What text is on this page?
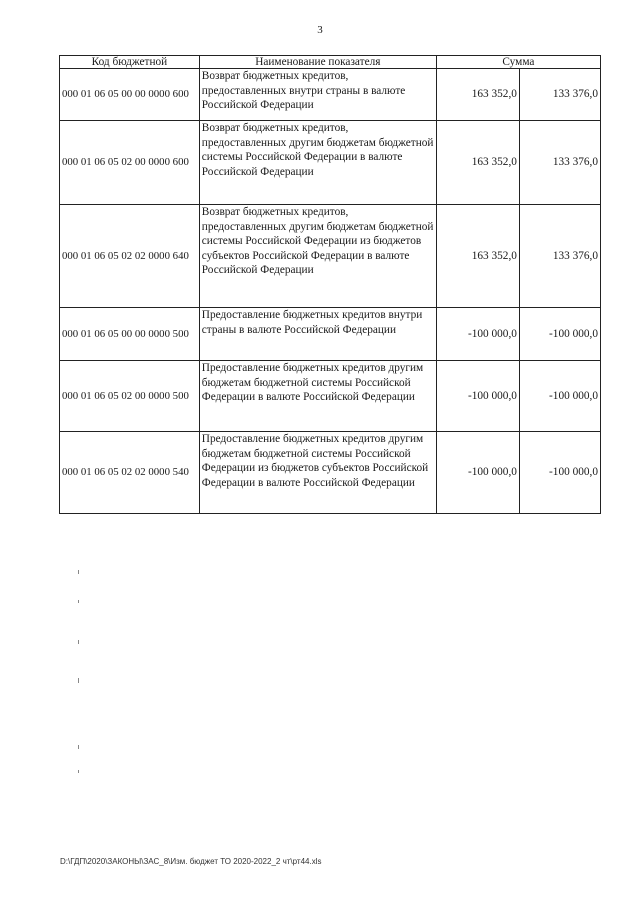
3
Код бюджетной	Наименование показателя	Сумма	
000 01 06 05 00 00 0000 600	Возврат бюджетных кредитов, предоставленных внутри страны в валюте Российской Федерации	163 352,0	133 376,0
000 01 06 05 02 00 0000 600	Возврат бюджетных кредитов, предоставленных другим бюджетам бюджетной системы Российской Федерации в валюте Российской Федерации	163 352,0	133 376,0
000 01 06 05 02 02 0000 640	Возврат бюджетных кредитов, предоставленных другим бюджетам бюджетной системы Российской Федерации из бюджетов субъектов Российской Федерации в валюте Российской Федерации	163 352,0	133 376,0
000 01 06 05 00 00 0000 500	Предоставление бюджетных кредитов внутри страны в валюте Российской Федерации	-100 000,0	-100 000,0
000 01 06 05 02 00 0000 500	Предоставление бюджетных кредитов другим бюджетам бюджетной системы Российской Федерации в валюте Российской Федерации	-100 000,0	-100 000,0
000 01 06 05 02 02 0000 540	Предоставление бюджетных кредитов другим бюджетам бюджетной системы Российской Федерации из бюджетов субъектов Российской Федерации в валюте Российской Федерации	-100 000,0	-100 000,0
D:\ГДП\2020\ЗАКОНЫ\ЗАС_8\Изм. бюджет ТО 2020-2022_2 чт\рт44.xls
